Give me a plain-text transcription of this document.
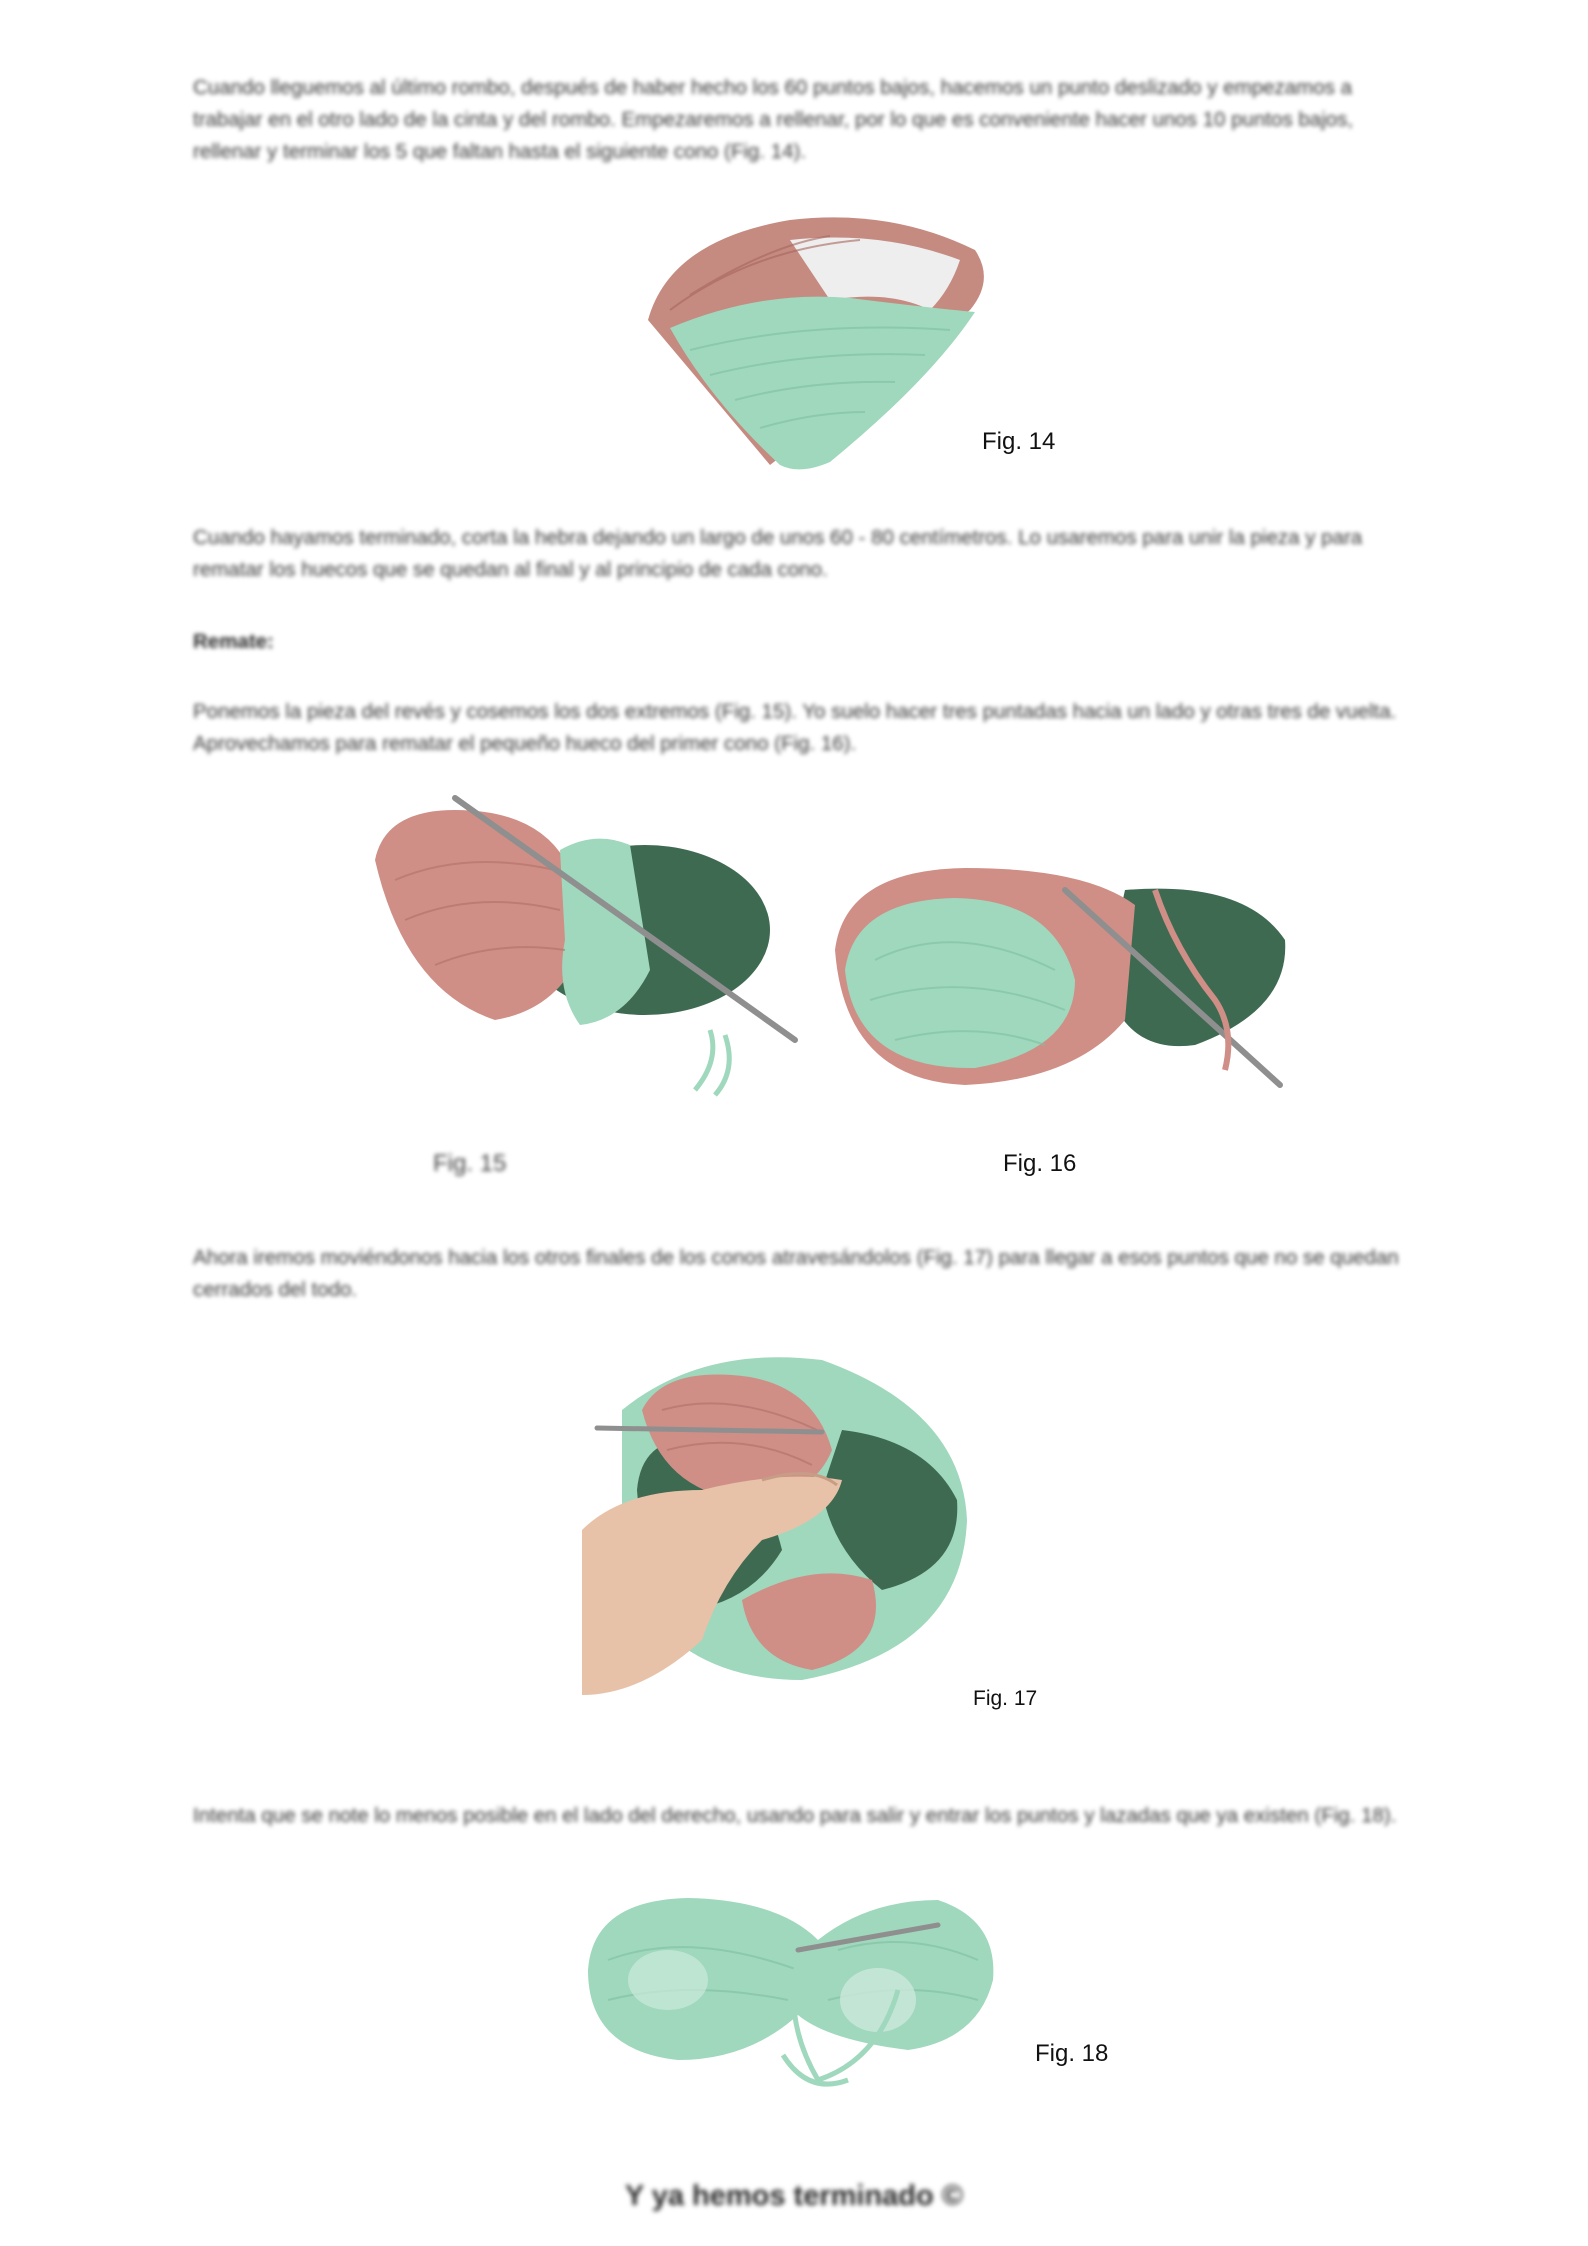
Cuando lleguemos al último rombo, después de haber hecho los 60 puntos bajos, hacemos un punto deslizado y empezamos a trabajar en el otro lado de la cinta y del rombo. Empezaremos a rellenar, por lo que es conveniente hacer unos 10 puntos bajos, rellenar y terminar los 5 que faltan hasta el siguiente cono (Fig. 14).

Fig. 14

Cuando hayamos terminado, corta la hebra dejando un largo de unos 60 - 80 centímetros. Lo usaremos para unir la pieza y para rematar los huecos que se quedan al final y al principio de cada cono.

Remate:

Ponemos la pieza del revés y cosemos los dos extremos (Fig. 15). Yo suelo hacer tres puntadas hacia un lado y otras tres de vuelta. Aprovechamos para rematar el pequeño hueco del primer cono (Fig. 16).

Fig. 15	Fig. 16

Ahora iremos moviéndonos hacia los otros finales de los conos atravesándolos (Fig. 17) para llegar a esos puntos que no se quedan cerrados del todo.

Fig. 17

Intenta que se note lo menos posible en el lado del derecho, usando para salir y entrar los puntos y lazadas que ya existen (Fig. 18).

Fig. 18
Y ya hemos terminado ©
